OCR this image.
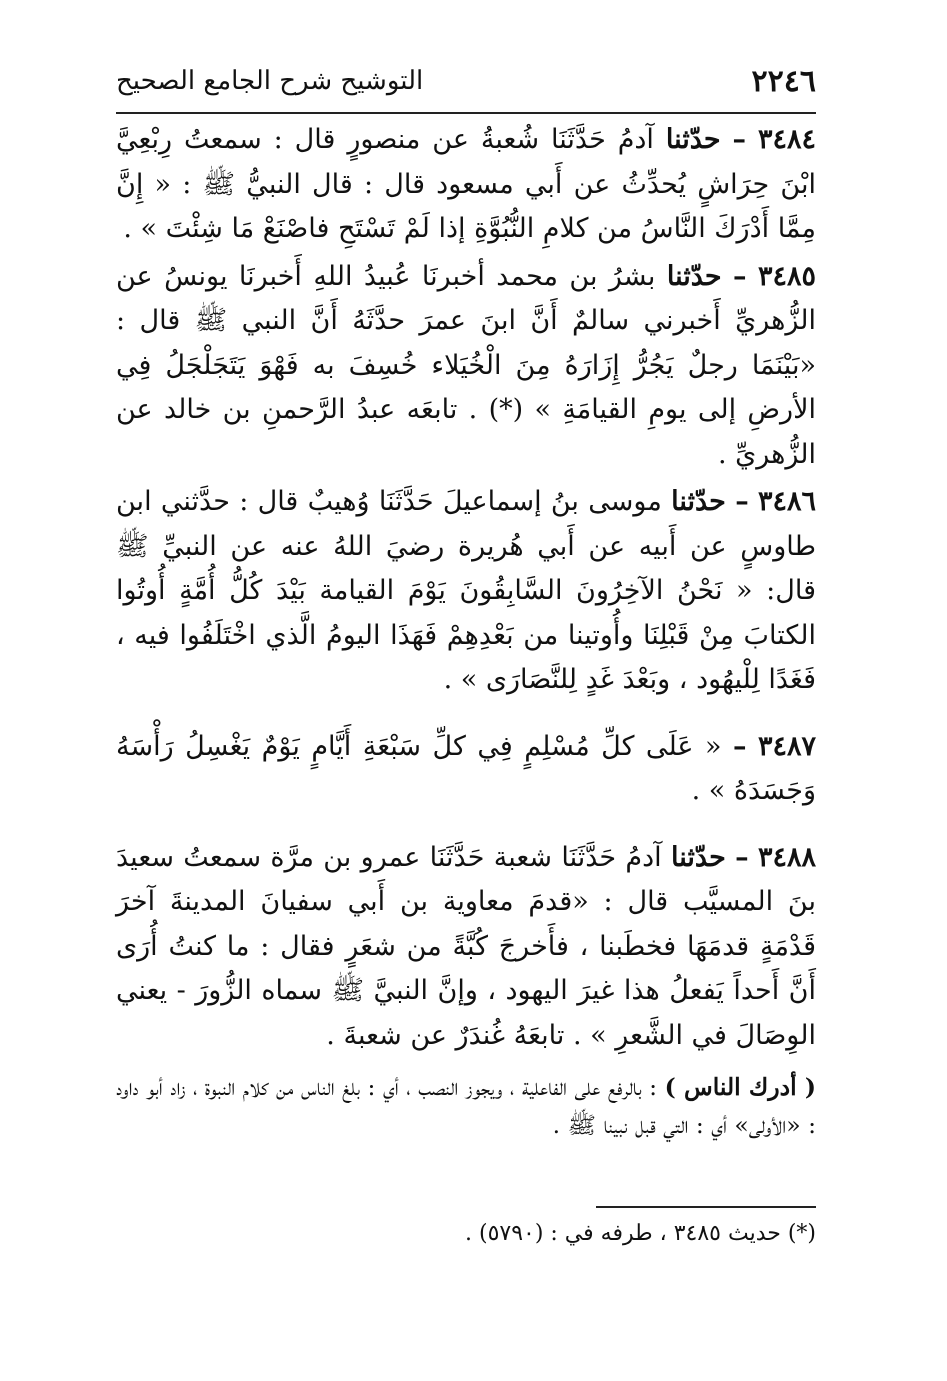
٢٢٤٦
التوشيح شرح الجامع الصحيح

٣٤٨٤ – حدّثنا آدمُ حَدَّثَنَا شُعبةُ عن منصورٍ قال : سمعتُ رِبْعِيَّ ابْنَ حِرَاشٍ يُحدِّثُ عن أَبي مسعود قال : قال النبيُّ ﷺ : « إِنَّ مِمَّا أَدْرَكَ النَّاسُ من كلامِ النُّبُوَّةِ إذا لَمْ تَسْتَحِ فاصْنَعْ مَا شِئْتَ » .

٣٤٨٥ – حدّثنا بشرُ بن محمد أخبرنَا عُبيدُ اللهِ أَخبرنَا يونسُ عن الزُّهريِّ أَخبرني سالمٌ أَنَّ ابنَ عمرَ حدَّثَهُ أَنَّ النبي ﷺ قال : «بَيْنَمَا رجلٌ يَجُرُّ إِزَارَهُ مِنَ الْخُيَلاء خُسِفَ به فَهْوَ يَتَجَلْجَلُ فِي الأرضِ إلى يومِ القيامَةِ » (*) . تابعَه عبدُ الرَّحمنِ بن خالد عن الزُّهريِّ .

٣٤٨٦ – حدّثنا موسى بنُ إسماعيلَ حَدَّثَنَا وُهيبٌ قال : حدَّثني ابن طاوسٍ عن أَبيه عن أَبي هُريرة رضيَ اللهُ عنه عن النبيِّ ﷺ قال: « نَحْنُ الآخِرُونَ السَّابِقُونَ يَوْمَ القيامة بَيْدَ كُلُّ أُمَّةٍ أُوتُوا الكتابَ مِنْ قَبْلِنَا وأُوتينا من بَعْدِهِمْ فَهَذَا اليومُ الَّذي اخْتَلَفُوا فيه ، فَغَدًا لِلْيهُود ، وبَعْدَ غَدٍ لِلنَّصَارَى » .

٣٤٨٧ – « عَلَى كلِّ مُسْلِمٍ فِي كلِّ سَبْعَةِ أَيَّامٍ يَوْمٌ يَغْسِلُ رَأْسَهُ وَجَسَدَهُ » .

٣٤٨٨ – حدّثنا آدمُ حَدَّثَنَا شعبة حَدَّثَنَا عمرو بن مرَّة سمعتُ سعيدَ بنَ المسيَّب قال : «قدمَ معاوية بن أَبي سفيانَ المدينةَ آخرَ قَدْمَةٍ قدمَهَا فخطَبنا ، فأَخرجَ كُبَّةً من شعَرٍ فقال : ما كنتُ أُرَى أَنَّ أَحداً يَفعلُ هذا غيرَ اليهود ، وإنَّ النبيَّ ﷺ سماه الزُّورَ - يعني الوِصَالَ في الشَّعرِ » . تابعَهُ غُندَرٌ عن شعبةَ .

( أدرك الناس ) : بالرفع على الفاعلية ، ويجوز النصب ، أي : بلغ الناس من كلام النبوة ، زاد أبو داود : «الأولى» أي : التي قبل نبينا ﷺ .

(*) حديث ٣٤٨٥ ، طرفه في : (٥٧٩٠) .
